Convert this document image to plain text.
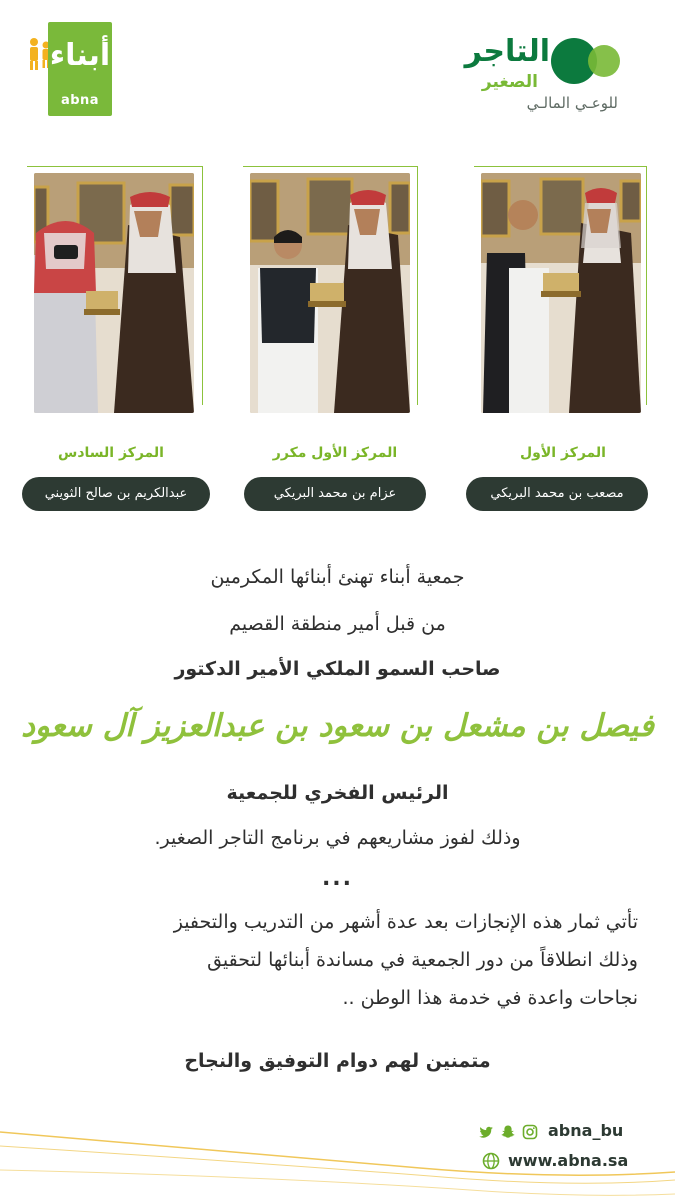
أبناء
abna
التاجر
الصغير
للوعـي المالـي
المركز الأول
المركز الأول مكرر
المركز السادس
مصعب بن محمد البريكي
عزام بن محمد البريكي
عبدالكريم بن صالح الثويني
جمعية أبناء تهنئ أبنائها المكرمين
من قبل أمير منطقة القصيم
صاحب السمو الملكي الأمير الدكتور
فيصل بن مشعل بن سعود بن عبدالعزيز آل سعود
الرئيس الفخري للجمعية
وذلك لفوز مشاريعهم في برنامج التاجر الصغير.
...
تأتي ثمار هذه الإنجازات بعد عدة أشهر من التدريب والتحفيز
وذلك انطلاقاً من دور الجمعية في مساندة أبنائها لتحقيق
نجاحات واعدة في خدمة هذا الوطن ..
متمنين لهم دوام التوفيق والنجاح
abna_bu
www.abna.sa
